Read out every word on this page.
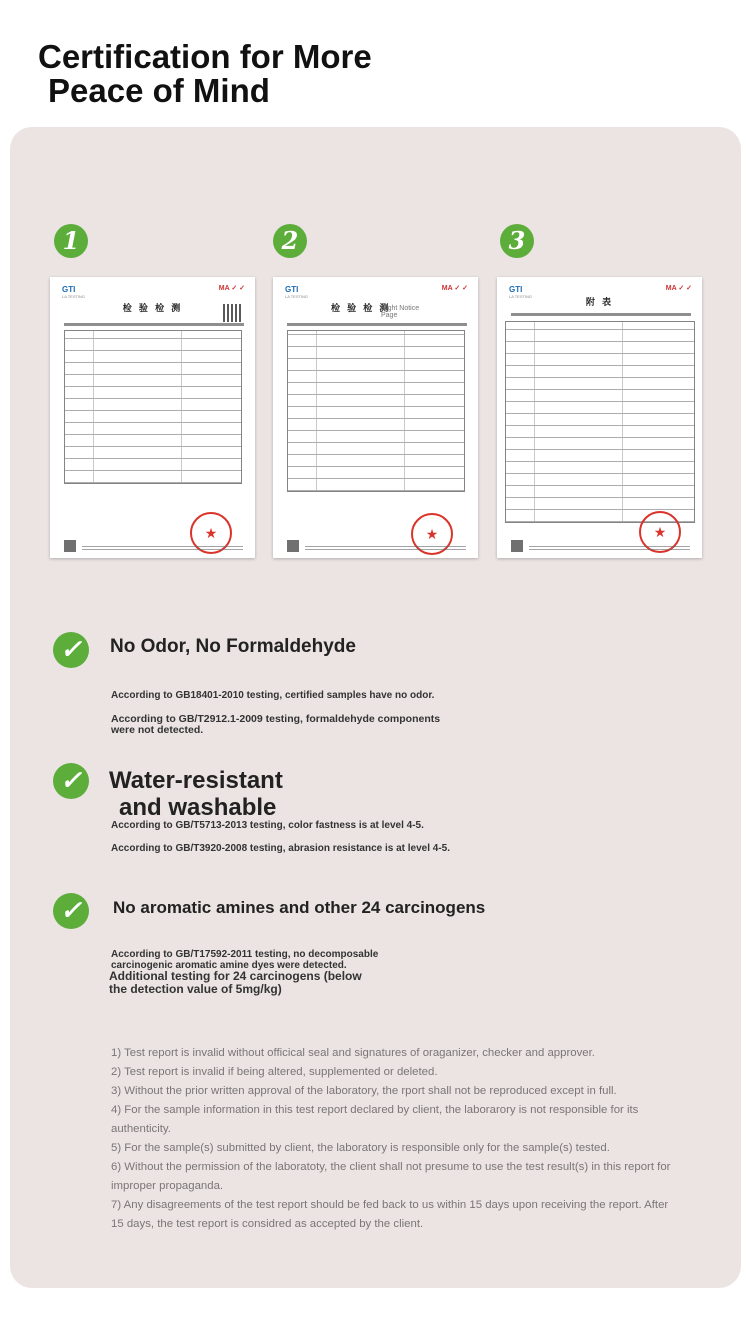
Certification for More
Peace of Mind
1	2	3
GTI
LA TESTING
MA ✓ ✓
检 验 检 测
★
GTI
LA TESTING
MA ✓ ✓
检 验 检 测
Right Notice Page
★
GTI
LA TESTING
MA ✓ ✓
附 表
★
✓	No Odor, No Formaldehyde

According to GB18401-2010 testing, certified samples have no odor.

According to GB/T2912.1-2009 testing, formaldehyde components were not detected.

✓ Water-resistant
and washable

According to GB/T5713-2013 testing, color fastness is at level 4-5.

According to GB/T3920-2008 testing, abrasion resistance is at level 4-5.

✓	No aromatic amines and other 24 carcinogens

According to GB/T17592-2011 testing, no decomposable carcinogenic aromatic amine dyes were detected.

Additional testing for 24 carcinogens (below the detection value of 5mg/kg)

1) Test report is invalid without officical seal and signatures of oraganizer, checker and approver.
2) Test report is invalid if being altered, supplemented or deleted.
3) Without the prior written approval of the laboratory, the rport shall not be reproduced except in full.
4) For the sample information in this test report declared by client, the laborarory is not responsible for its authenticity.
5) For the sample(s) submitted by client, the laboratory is responsible only for the sample(s) tested.
6) Without the permission of the laboratoty, the client shall not presume to use the test result(s) in this report for improper propaganda.
7) Any disagreements of the test report should be fed back to us within 15 days upon receiving the report. After 15 days, the test report is considred as accepted by the client.
